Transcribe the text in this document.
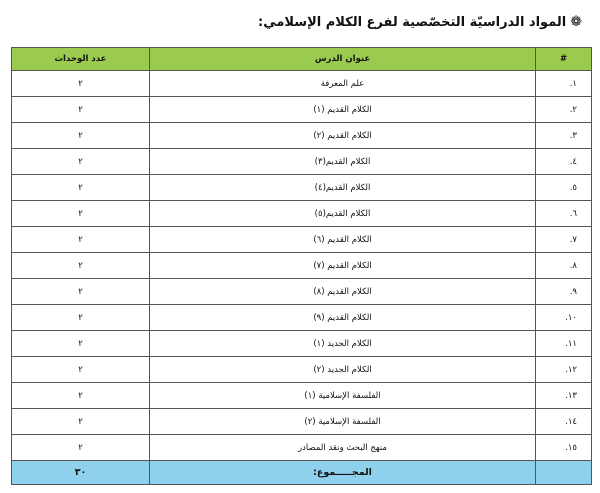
❁
المواد الدراسيّة التخصّصية لفرع الكلام الإسلامي:
#	عنوان الدرس	عدد الوحدات
١.	علم المعرفة	٢
٢.	الكلام القديم (١)	٢
٣.	الكلام القديم (٢)	٢
٤.	الكلام القديم(٣)	٢
٥.	الكلام القديم(٤)	٢
٦.	الكلام القديم(٥)	٢
٧.	الكلام القديم (٦)	٢
٨.	الكلام القديم (٧)	٢
٩.	الكلام القديم (٨)	٢
١٠.	الكلام القديم (٩)	٢
١١.	الكلام الجديد (١)	٢
١٢.	الكلام الجديد (٢)	٢
١٣.	الفلسفة الإسلامية (١)	٢
١٤.	الفلسفة الإسلامية (٢)	٢
١٥.	منهج البحث ونقد المصادر	٢
	المجـــــموع:	٣٠
